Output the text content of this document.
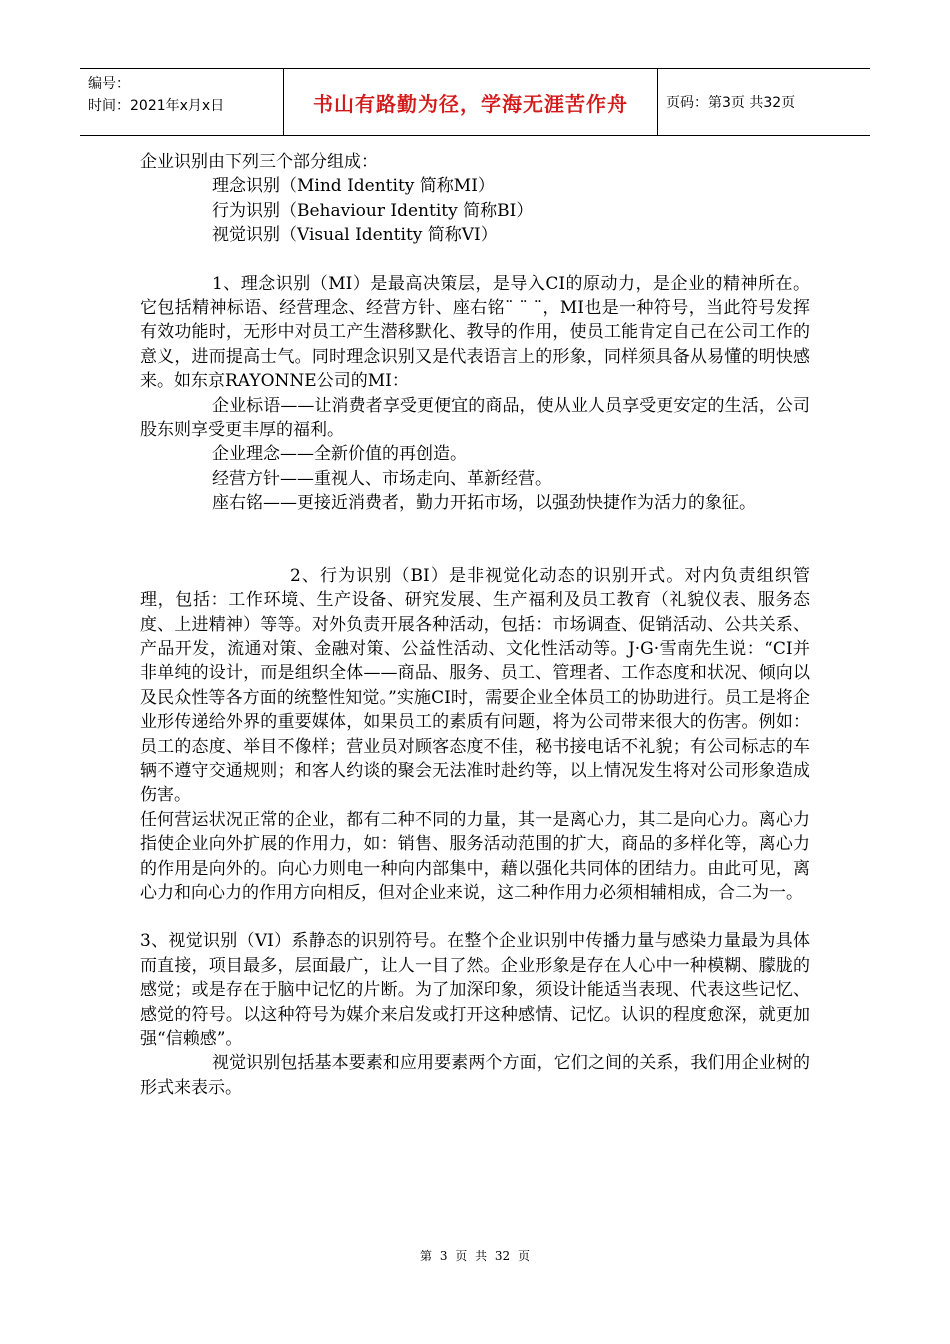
编号：
时间：2021年x月x日	书山有路勤为径，学海无涯苦作舟	页码：第3页 共32页

企业识别由下列三个部分组成：

理念识别（Mind Identity 简称MI）

行为识别（Behaviour Identity 简称BI）

视觉识别（Visual Identity 简称VI）

1、理念识别（MI）是最高决策层，是导入CI的原动力，是企业的精神所在。它包括精神标语、经营理念、经营方针、座右铭¨ ¨ ¨，MI也是一种符号，当此符号发挥有效功能时，无形中对员工产生潜移默化、教导的作用，使员工能肯定自己在公司工作的意义，进而提高士气。同时理念识别又是代表语言上的形象，同样须具备从易懂的明快感来。如东京RAYONNE公司的MI：

企业标语——让消费者享受更便宜的商品，使从业人员享受更安定的生活，公司股东则享受更丰厚的福利。

企业理念——全新价值的再创造。

经营方针——重视人、市场走向、革新经营。

座右铭——更接近消费者，勤力开拓市场，以强劲快捷作为活力的象征。

2、行为识别（BI）是非视觉化动态的识别开式。对内负责组织管理，包括：工作环境、生产设备、研究发展、生产福利及员工教育（礼貌仪表、服务态度、上进精神）等等。对外负责开展各种活动，包括：市场调查、促销活动、公共关系、产品开发，流通对策、金融对策、公益性活动、文化性活动等。J·G·雪南先生说：“CI并非单纯的设计，而是组织全体——商品、服务、员工、管理者、工作态度和状况、倾向以及民众性等各方面的统整性知觉。”实施CI时，需要企业全体员工的协助进行。员工是将企业形传递给外界的重要媒体，如果员工的素质有问题，将为公司带来很大的伤害。例如：员工的态度、举目不像样；营业员对顾客态度不佳，秘书接电话不礼貌；有公司标志的车辆不遵守交通规则；和客人约谈的聚会无法准时赴约等，以上情况发生将对公司形象造成伤害。

任何营运状况正常的企业，都有二种不同的力量，其一是离心力，其二是向心力。离心力指使企业向外扩展的作用力，如：销售、服务活动范围的扩大，商品的多样化等，离心力的作用是向外的。向心力则电一种向内部集中，藉以强化共同体的团结力。由此可见，离心力和向心力的作用方向相反，但对企业来说，这二种作用力必须相辅相成，合二为一。

3、视觉识别（VI）系静态的识别符号。在整个企业识别中传播力量与感染力量最为具体而直接，项目最多，层面最广，让人一目了然。企业形象是存在人心中一种模糊、朦胧的感觉；或是存在于脑中记忆的片断。为了加深印象，须设计能适当表现、代表这些记忆、感觉的符号。以这种符号为媒介来启发或打开这种感情、记忆。认识的程度愈深，就更加强“信赖感”。

视觉识别包括基本要素和应用要素两个方面，它们之间的关系，我们用企业树的形式来表示。

第 3 页 共 32 页
